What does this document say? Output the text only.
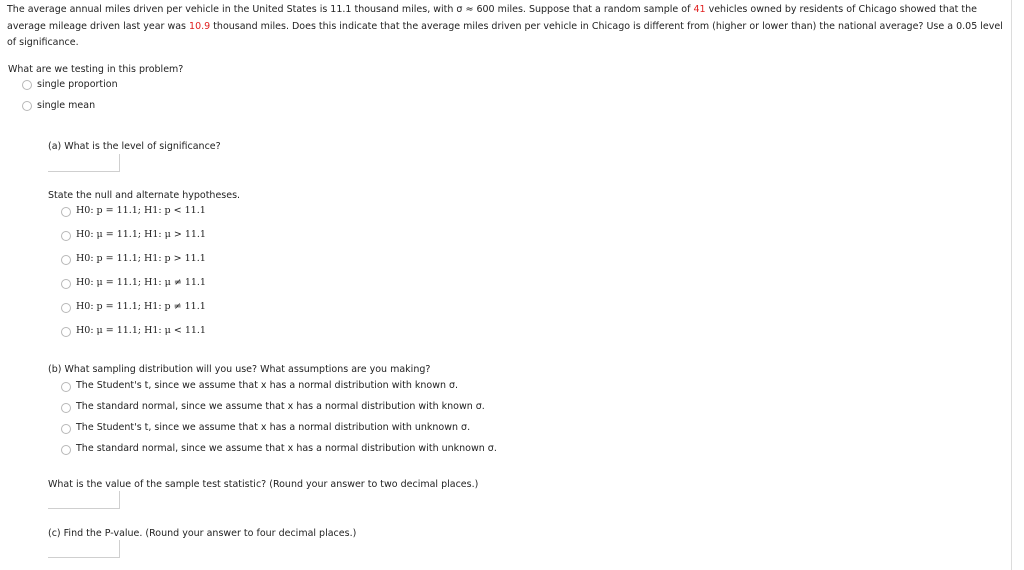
The average annual miles driven per vehicle in the United States is 11.1 thousand miles, with σ ≈ 600 miles. Suppose that a random sample of 41 vehicles owned by residents of Chicago showed that the average mileage driven last year was 10.9 thousand miles. Does this indicate that the average miles driven per vehicle in Chicago is different from (higher or lower than) the national average? Use a 0.05 level of significance.
What are we testing in this problem?
single proportion
single mean
(a) What is the level of significance?
State the null and alternate hypotheses.
H0: p = 11.1; H1: p < 11.1
H0: μ = 11.1; H1: μ > 11.1
H0: p = 11.1; H1: p > 11.1
H0: μ = 11.1; H1: μ ≠ 11.1
H0: p = 11.1; H1: p ≠ 11.1
H0: μ = 11.1; H1: μ < 11.1
(b) What sampling distribution will you use? What assumptions are you making?
The Student's t, since we assume that x has a normal distribution with known σ.
The standard normal, since we assume that x has a normal distribution with known σ.
The Student's t, since we assume that x has a normal distribution with unknown σ.
The standard normal, since we assume that x has a normal distribution with unknown σ.
What is the value of the sample test statistic? (Round your answer to two decimal places.)
(c) Find the P-value. (Round your answer to four decimal places.)
